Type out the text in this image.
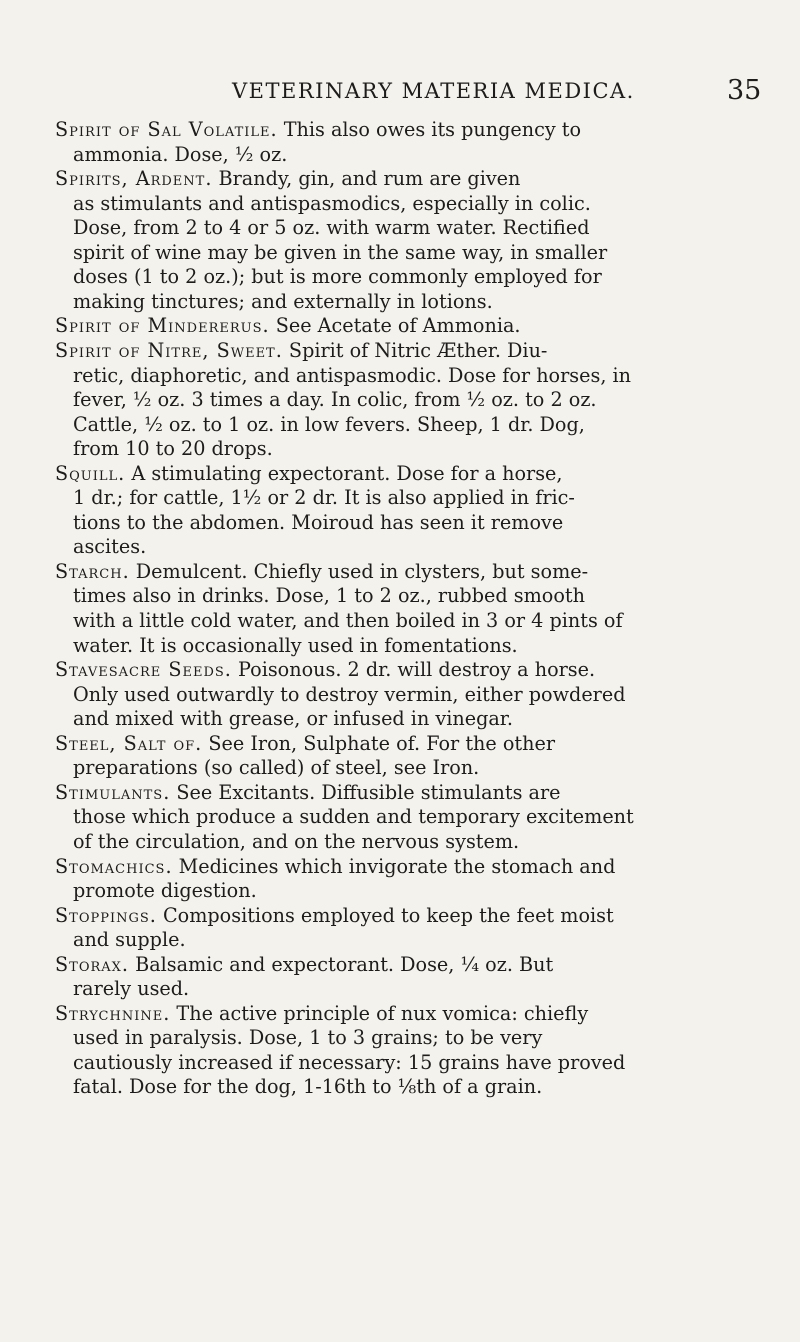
VETERINARY MATERIA MEDICA.	35
Spirit of Sal Volatile. This also owes its pungency to
ammonia. Dose, ½ oz.
Spirits, Ardent. Brandy, gin, and rum are given
as stimulants and antispasmodics, especially in colic.
Dose, from 2 to 4 or 5 oz. with warm water. Rectified
spirit of wine may be given in the same way, in smaller
doses (1 to 2 oz.); but is more commonly employed for
making tinctures; and externally in lotions.
Spirit of Mindererus. See Acetate of Ammonia.
Spirit of Nitre, Sweet. Spirit of Nitric Æther. Diu-
retic, diaphoretic, and antispasmodic. Dose for horses, in
fever, ½ oz. 3 times a day. In colic, from ½ oz. to 2 oz.
Cattle, ½ oz. to 1 oz. in low fevers. Sheep, 1 dr. Dog,
from 10 to 20 drops.
Squill. A stimulating expectorant. Dose for a horse,
1 dr.; for cattle, 1½ or 2 dr. It is also applied in fric-
tions to the abdomen. Moiroud has seen it remove
ascites.
Starch. Demulcent. Chiefly used in clysters, but some-
times also in drinks. Dose, 1 to 2 oz., rubbed smooth
with a little cold water, and then boiled in 3 or 4 pints of
water. It is occasionally used in fomentations.
Stavesacre Seeds. Poisonous. 2 dr. will destroy a horse.
Only used outwardly to destroy vermin, either powdered
and mixed with grease, or infused in vinegar.
Steel, Salt of. See Iron, Sulphate of. For the other
preparations (so called) of steel, see Iron.
Stimulants. See Excitants. Diffusible stimulants are
those which produce a sudden and temporary excitement
of the circulation, and on the nervous system.
Stomachics. Medicines which invigorate the stomach and
promote digestion.
Stoppings. Compositions employed to keep the feet moist
and supple.
Storax. Balsamic and expectorant. Dose, ¼ oz. But
rarely used.
Strychnine. The active principle of nux vomica: chiefly
used in paralysis. Dose, 1 to 3 grains; to be very
cautiously increased if necessary: 15 grains have proved
fatal. Dose for the dog, 1-16th to ⅛th of a grain.
